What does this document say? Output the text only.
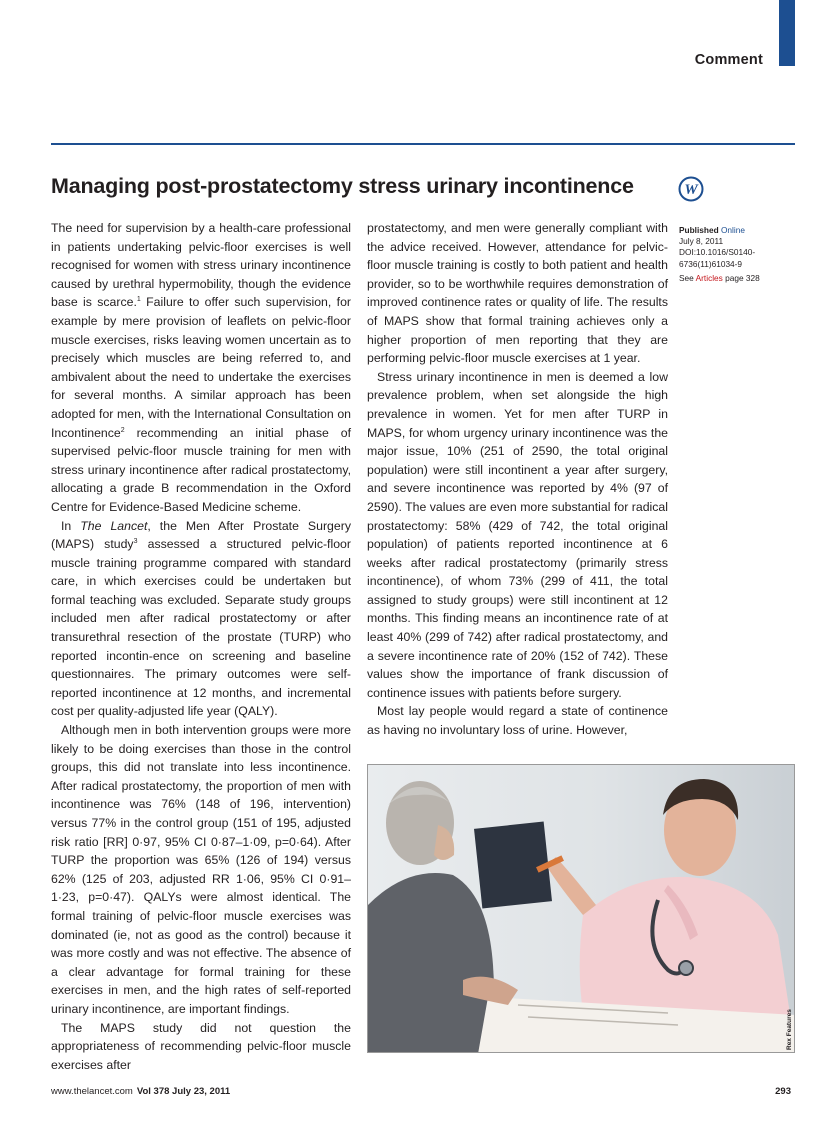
Comment
Managing post-prostatectomy stress urinary incontinence	W

The need for supervision by a health-care professional in patients undertaking pelvic-floor exercises is well recognised for women with stress urinary incontinence caused by urethral hypermobility, though the evidence base is scarce.$^1$ Failure to offer such supervision, for example by mere provision of leaflets on pelvic-floor muscle exercises, risks leaving women uncertain as to precisely which muscles are being referred to, and ambivalent about the need to undertake the exercises for several months. A similar approach has been adopted for men, with the International Consultation on Incontinence$^2$ recommending an initial phase of supervised pelvic-floor muscle training for men with stress urinary incontinence after radical prostatectomy, allocating a grade B recommendation in the Oxford Centre for Evidence-Based Medicine scheme.

In The Lancet, the Men After Prostate Surgery (MAPS) study$^3$ assessed a structured pelvic-floor muscle training programme compared with standard care, in which exercises could be undertaken but formal teaching was excluded. Separate study groups included men after radical prostatectomy or after transurethral resection of the prostate (TURP) who reported incontin-ence on screening and baseline questionnaires. The primary outcomes were self-reported incontinence at 12 months, and incremental cost per quality-adjusted life year (QALY).

Although men in both intervention groups were more likely to be doing exercises than those in the control groups, this did not translate into less incontinence. After radical prostatectomy, the proportion of men with incontinence was 76% (148 of 196, intervention) versus 77% in the control group (151 of 195, adjusted risk ratio [RR] 0·97, 95% CI 0·87–1·09, p=0·64). After TURP the proportion was 65% (126 of 194) versus 62% (125 of 203, adjusted RR 1·06, 95% CI 0·91–1·23, p=0·47). QALYs were almost identical. The formal training of pelvic-floor muscle exercises was dominated (ie, not as good as the control) because it was more costly and was not effective. The absence of a clear advantage for formal training for these exercises in men, and the high rates of self-reported urinary incontinence, are important findings.

The MAPS study did not question the appropriateness of recommending pelvic-floor muscle exercises after

prostatectomy, and men were generally compliant with the advice received. However, attendance for pelvic-floor muscle training is costly to both patient and health provider, so to be worthwhile requires demonstration of improved continence rates or quality of life. The results of MAPS show that formal training achieves only a higher proportion of men reporting that they are performing pelvic-floor muscle exercises at 1 year.

Stress urinary incontinence in men is deemed a low prevalence problem, when set alongside the high prevalence in women. Yet for men after TURP in MAPS, for whom urgency urinary incontinence was the major issue, 10% (251 of 2590, the total original population) were still incontinent a year after surgery, and severe incontinence was reported by 4% (97 of 2590). The values are even more substantial for radical prostatectomy: 58% (429 of 742, the total original population) of patients reported incontinence at 6 weeks after radical prostatectomy (primarily stress incontinence), of whom 73% (299 of 411, the total assigned to study groups) were still incontinent at 12 months. This finding means an incontinence rate of at least 40% (299 of 742) after radical prostatectomy, and a severe incontinence rate of 20% (152 of 742). These values show the importance of frank discussion of continence issues with patients before surgery.

Most lay people would regard a state of continence as having no involuntary loss of urine. However,

Published Online
July 8, 2011
DOI:10.1016/S0140-6736(11)61034-9
See Articles page 328
Rex Features
www.thelancet.com Vol 378 July 23, 2011	293
